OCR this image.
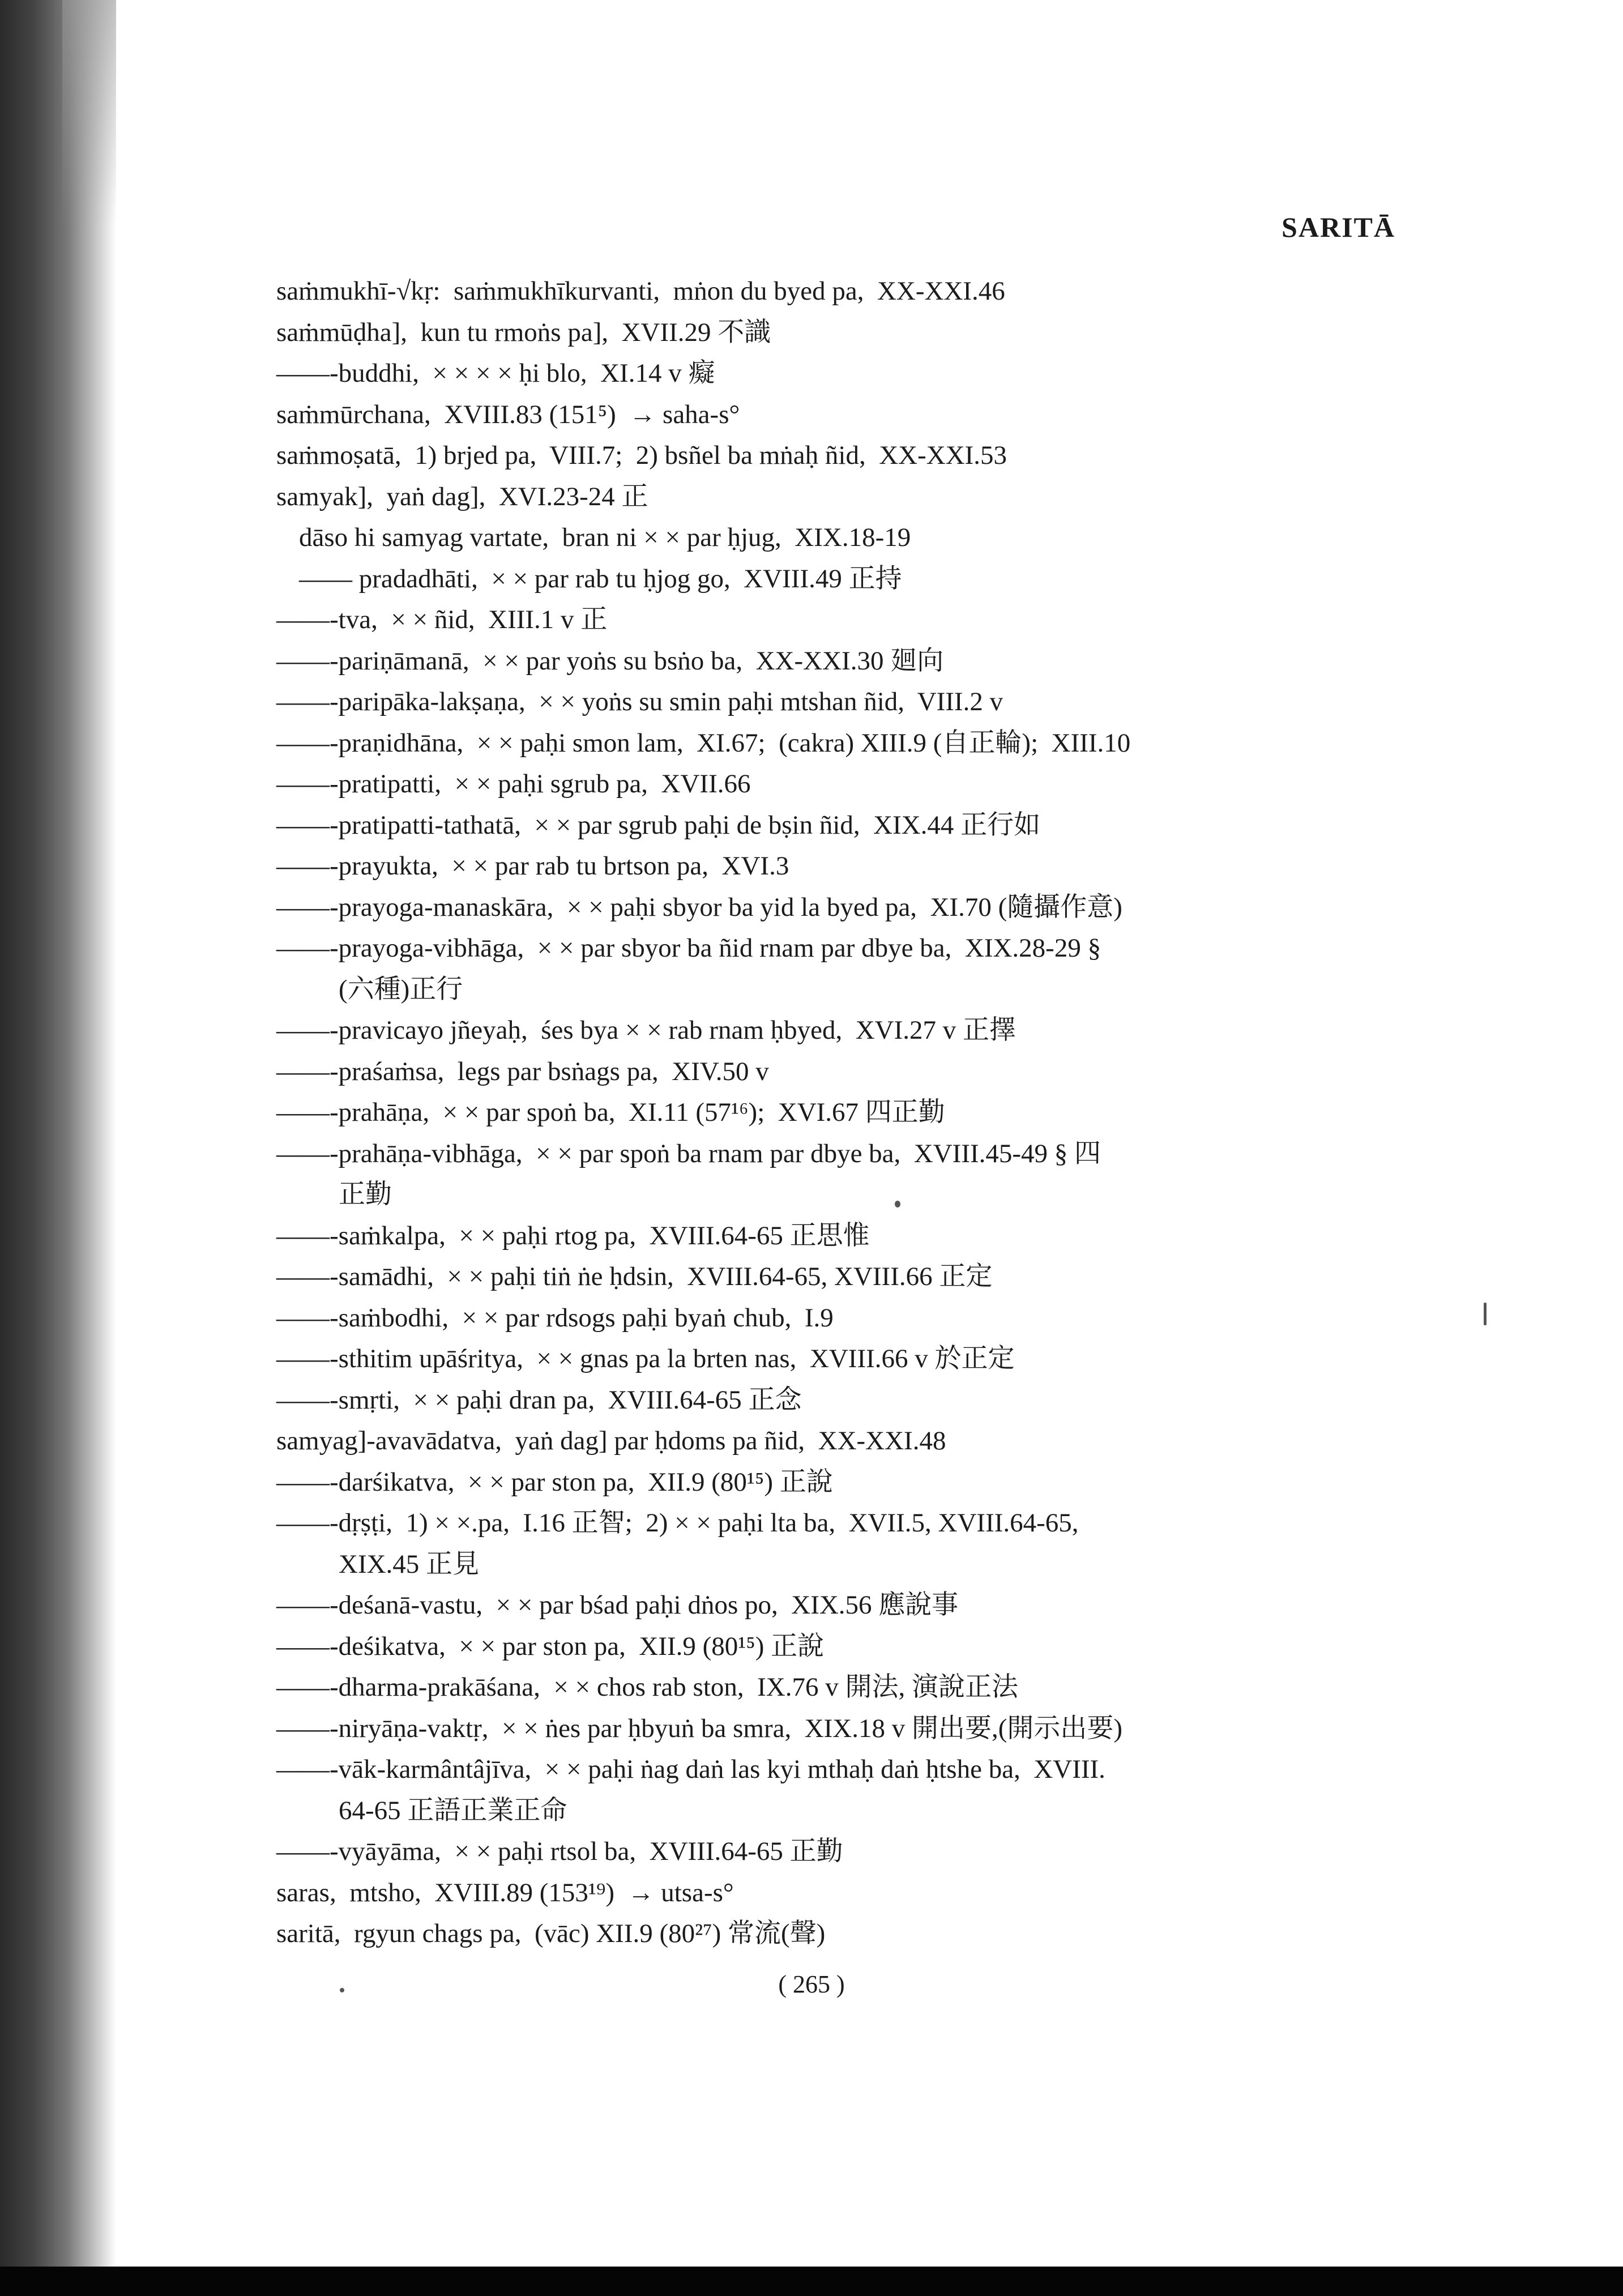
SARITĀ
saṁmukhī-√kṛ:  saṁmukhīkurvanti,  mṅon du byed pa,  XX-XXI.46
saṁmūḍha],  kun tu rmoṅs pa],  XVII.29 不識
——-buddhi,  × × × × ḥi blo,  XI.14 v 癡
saṁmūrchana,  XVIII.83 (151⁵)  → saha-s°
saṁmoṣatā,  1) brjed pa,  VIII.7;  2) bsñel ba mṅaḥ ñid,  XX-XXI.53
samyak],  yaṅ dag],  XVI.23-24 正
dāso hi samyag vartate,  bran ni × × par ḥjug,  XIX.18-19
—— pradadhāti,  × × par rab tu ḥjog go,  XVIII.49 正持
——-tva,  × × ñid,  XIII.1 v 正
——-pariṇāmanā,  × × par yoṅs su bsṅo ba,  XX-XXI.30 廻向
——-paripāka-lakṣaṇa,  × × yoṅs su smin paḥi mtshan ñid,  VIII.2 v
——-praṇidhāna,  × × paḥi smon lam,  XI.67;  (cakra) XIII.9 (自正輪);  XIII.10
——-pratipatti,  × × paḥi sgrub pa,  XVII.66
——-pratipatti-tathatā,  × × par sgrub paḥi de bṣin ñid,  XIX.44 正行如
——-prayukta,  × × par rab tu brtson pa,  XVI.3
——-prayoga-manaskāra,  × × paḥi sbyor ba yid la byed pa,  XI.70 (隨攝作意)
——-prayoga-vibhāga,  × × par sbyor ba ñid rnam par dbye ba,  XIX.28-29 §
(六種)正行
——-pravicayo jñeyaḥ,  śes bya × × rab rnam ḥbyed,  XVI.27 v 正擇
——-praśaṁsa,  legs par bsṅags pa,  XIV.50 v
——-prahāṇa,  × × par spoṅ ba,  XI.11 (57¹⁶);  XVI.67 四正勤
——-prahāṇa-vibhāga,  × × par spoṅ ba rnam par dbye ba,  XVIII.45-49 § 四
正勤
——-saṁkalpa,  × × paḥi rtog pa,  XVIII.64-65 正思惟
——-samādhi,  × × paḥi tiṅ ṅe ḥdsin,  XVIII.64-65, XVIII.66 正定
——-saṁbodhi,  × × par rdsogs paḥi byaṅ chub,  I.9
——-sthitim upāśritya,  × × gnas pa la brten nas,  XVIII.66 v 於正定
——-smṛti,  × × paḥi dran pa,  XVIII.64-65 正念
samyag]-avavādatva,  yaṅ dag] par ḥdoms pa ñid,  XX-XXI.48
——-darśikatva,  × × par ston pa,  XII.9 (80¹⁵) 正說
——-dṛṣṭi,  1) × ×.pa,  I.16 正智;  2) × × paḥi lta ba,  XVII.5, XVIII.64-65,
XIX.45 正見
——-deśanā-vastu,  × × par bśad paḥi dṅos po,  XIX.56 應說事
——-deśikatva,  × × par ston pa,  XII.9 (80¹⁵) 正說
——-dharma-prakāśana,  × × chos rab ston,  IX.76 v 開法, 演說正法
——-niryāṇa-vaktṛ,  × × ṅes par ḥbyuṅ ba smra,  XIX.18 v 開出要,(開示出要)
——-vāk-karmântâjīva,  × × paḥi ṅag daṅ las kyi mthaḥ daṅ ḥtshe ba,  XVIII.
64-65 正語正業正命
——-vyāyāma,  × × paḥi rtsol ba,  XVIII.64-65 正勤
saras,  mtsho,  XVIII.89 (153¹⁹)  → utsa-s°
saritā,  rgyun chags pa,  (vāc) XII.9 (80²⁷) 常流(聲)
( 265 )
